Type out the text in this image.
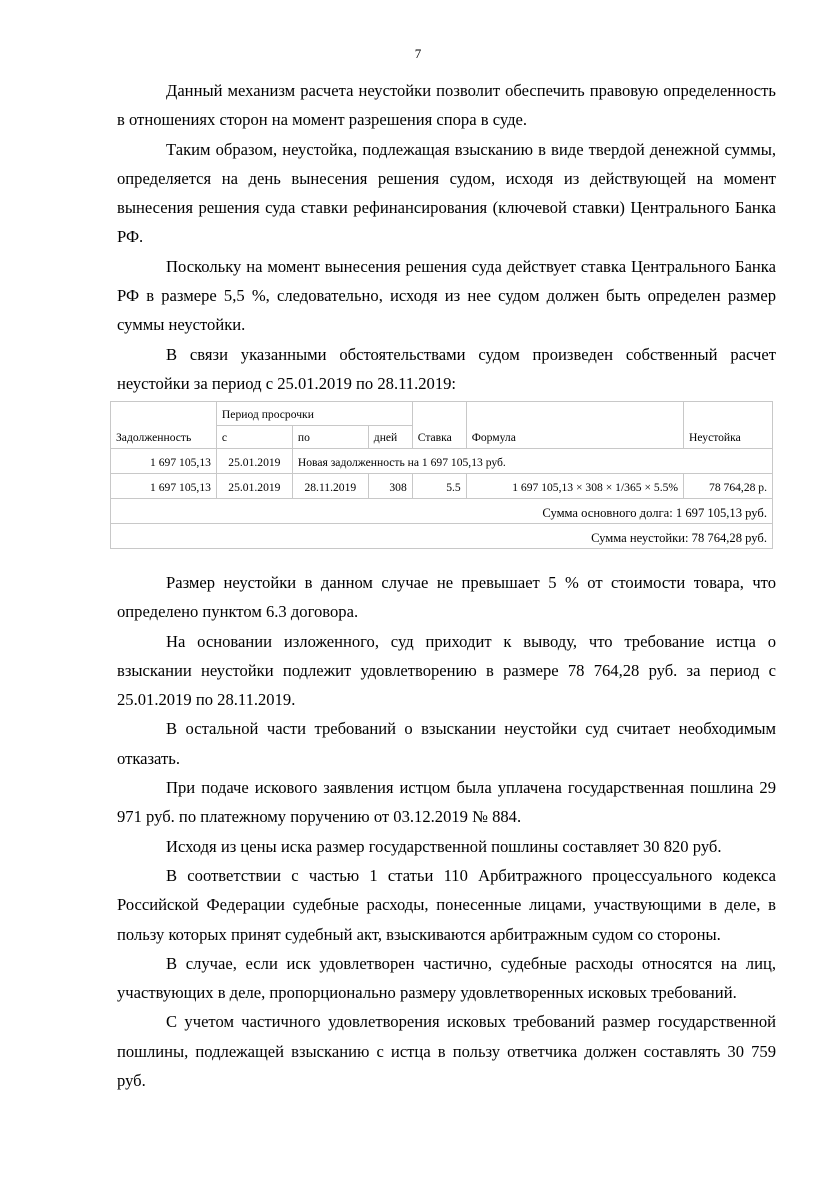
7

Данный механизм расчета неустойки позволит обеспечить правовую определенность в отношениях сторон на момент разрешения спора в суде.

Таким образом, неустойка, подлежащая взысканию в виде твердой денежной суммы, определяется на день вынесения решения судом, исходя из действующей на момент вынесения решения суда ставки рефинансирования (ключевой ставки) Центрального Банка РФ.

Поскольку на момент вынесения решения суда действует ставка Центрального Банка РФ в размере 5,5 %, следовательно, исходя из нее судом должен быть определен размер суммы неустойки.

В связи указанными обстоятельствами судом произведен собственный расчет неустойки за период с 25.01.2019 по 28.11.2019:

Задолженность	Период просрочки			Ставка	Формула	Неустойка
	с	по	дней			
1 697 105,13	25.01.2019	Новая задолженность на 1 697 105,13 руб.				
1 697 105,13	25.01.2019	28.11.2019	308	5.5	1 697 105,13 × 308 × 1/365 × 5.5%	78 764,28 р.
Сумма основного долга: 1 697 105,13 руб.						
Сумма неустойки: 78 764,28 руб.						

Размер неустойки в данном случае не превышает 5 % от стоимости товара, что определено пунктом 6.3 договора.

На основании изложенного, суд приходит к выводу, что требование истца о взыскании неустойки подлежит удовлетворению в размере 78 764,28 руб. за период с 25.01.2019 по 28.11.2019.

В остальной части требований о взыскании неустойки суд считает необходимым отказать.

При подаче искового заявления истцом была уплачена государственная пошлина 29 971 руб. по платежному поручению от 03.12.2019 № 884.

Исходя из цены иска размер государственной пошлины составляет 30 820 руб.

В соответствии с частью 1 статьи 110 Арбитражного процессуального кодекса Российской Федерации судебные расходы, понесенные лицами, участвующими в деле, в пользу которых принят судебный акт, взыскиваются арбитражным судом со стороны.

В случае, если иск удовлетворен частично, судебные расходы относятся на лиц, участвующих в деле, пропорционально размеру удовлетворенных исковых требований.

С учетом частичного удовлетворения исковых требований размер государственной пошлины, подлежащей взысканию с истца в пользу ответчика должен составлять 30 759 руб.
